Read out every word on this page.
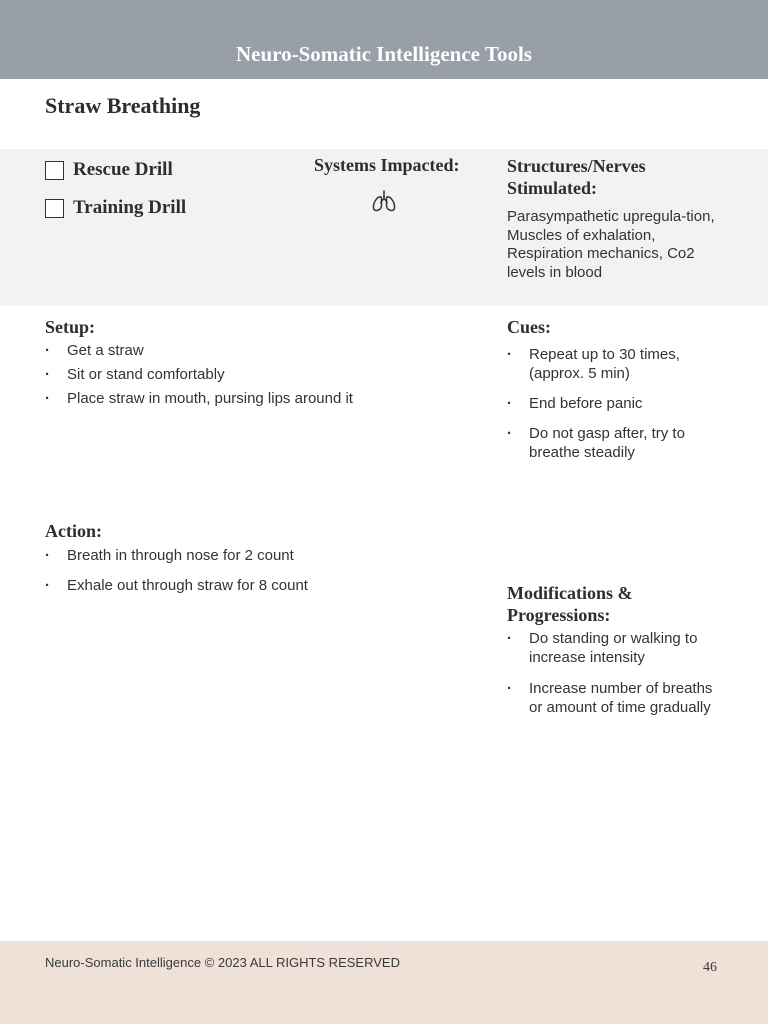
Neuro-Somatic Intelligence Tools
Straw Breathing
Rescue Drill
Training Drill
Systems Impacted:	Structures/Nerves Stimulated:
Parasympathetic upregula-tion, Muscles of exhalation, Respiration mechanics, Co2 levels in blood
Setup:
· Get a straw
· Sit or stand comfortably
· Place straw in mouth, pursing lips around it
Action:
· Breath in through nose for 2 count
· Exhale out through straw for 8 count
Cues:
· Repeat up to 30 times, (approx. 5 min)
· End before panic
· Do not gasp after, try to breathe steadily
Modifications & Progressions:
· Do standing or walking to increase intensity
· Increase number of breaths or amount of time gradually
Neuro-Somatic Intelligence © 2023 ALL RIGHTS RESERVED	46
